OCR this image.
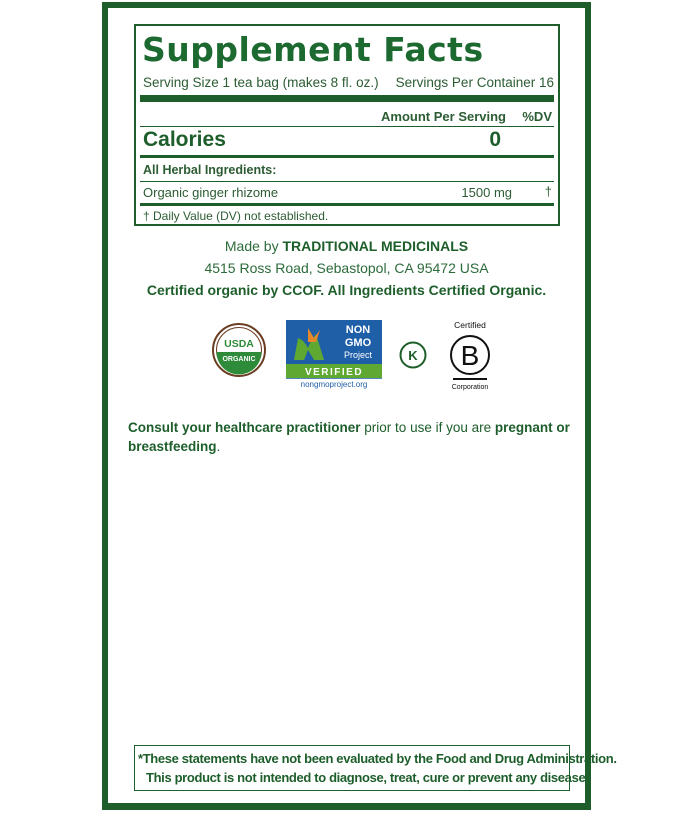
Supplement Facts
Serving Size 1 tea bag (makes 8 fl. oz.) Servings Per Container 16
Amount Per Serving %DV
Calories	0
All Herbal Ingredients:
Organic ginger rhizome	1500 mg	†
† Daily Value (DV) not established.
Made by TRADITIONAL MEDICINALS
4515 Ross Road, Sebastopol, CA 95472 USA
Certified organic by CCOF. All Ingredients Certified Organic.
USDA
ORGANIC
NON
GMO
Project
VERIFIED
nongmoproject.org
K
Certified
B
Corporation
Consult your healthcare practitioner prior to use if you are pregnant or breastfeeding.
*These statements have not been evaluated by the Food and Drug Administration.
This product is not intended to diagnose, treat, cure or prevent any disease.
